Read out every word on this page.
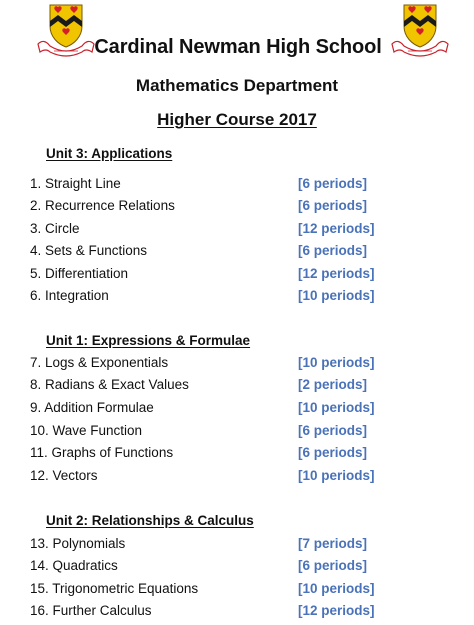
Cardinal Newman High School
Mathematics Department
Higher Course 2017
Unit 3: Applications
1. Straight Line	[6 periods]
2. Recurrence Relations	[6 periods]
3. Circle	[12 periods]
4. Sets & Functions	[6 periods]
5. Differentiation	[12 periods]
6. Integration	[10 periods]
Unit 1: Expressions & Formulae
7. Logs & Exponentials	[10 periods]
8. Radians & Exact Values	[2 periods]
9. Addition Formulae	[10 periods]
10. Wave Function	[6 periods]
11. Graphs of Functions	[6 periods]
12. Vectors	[10 periods]
Unit 2: Relationships & Calculus
13. Polynomials	[7 periods]
14. Quadratics	[6 periods]
15. Trigonometric Equations	[10 periods]
16. Further Calculus	[12 periods]
